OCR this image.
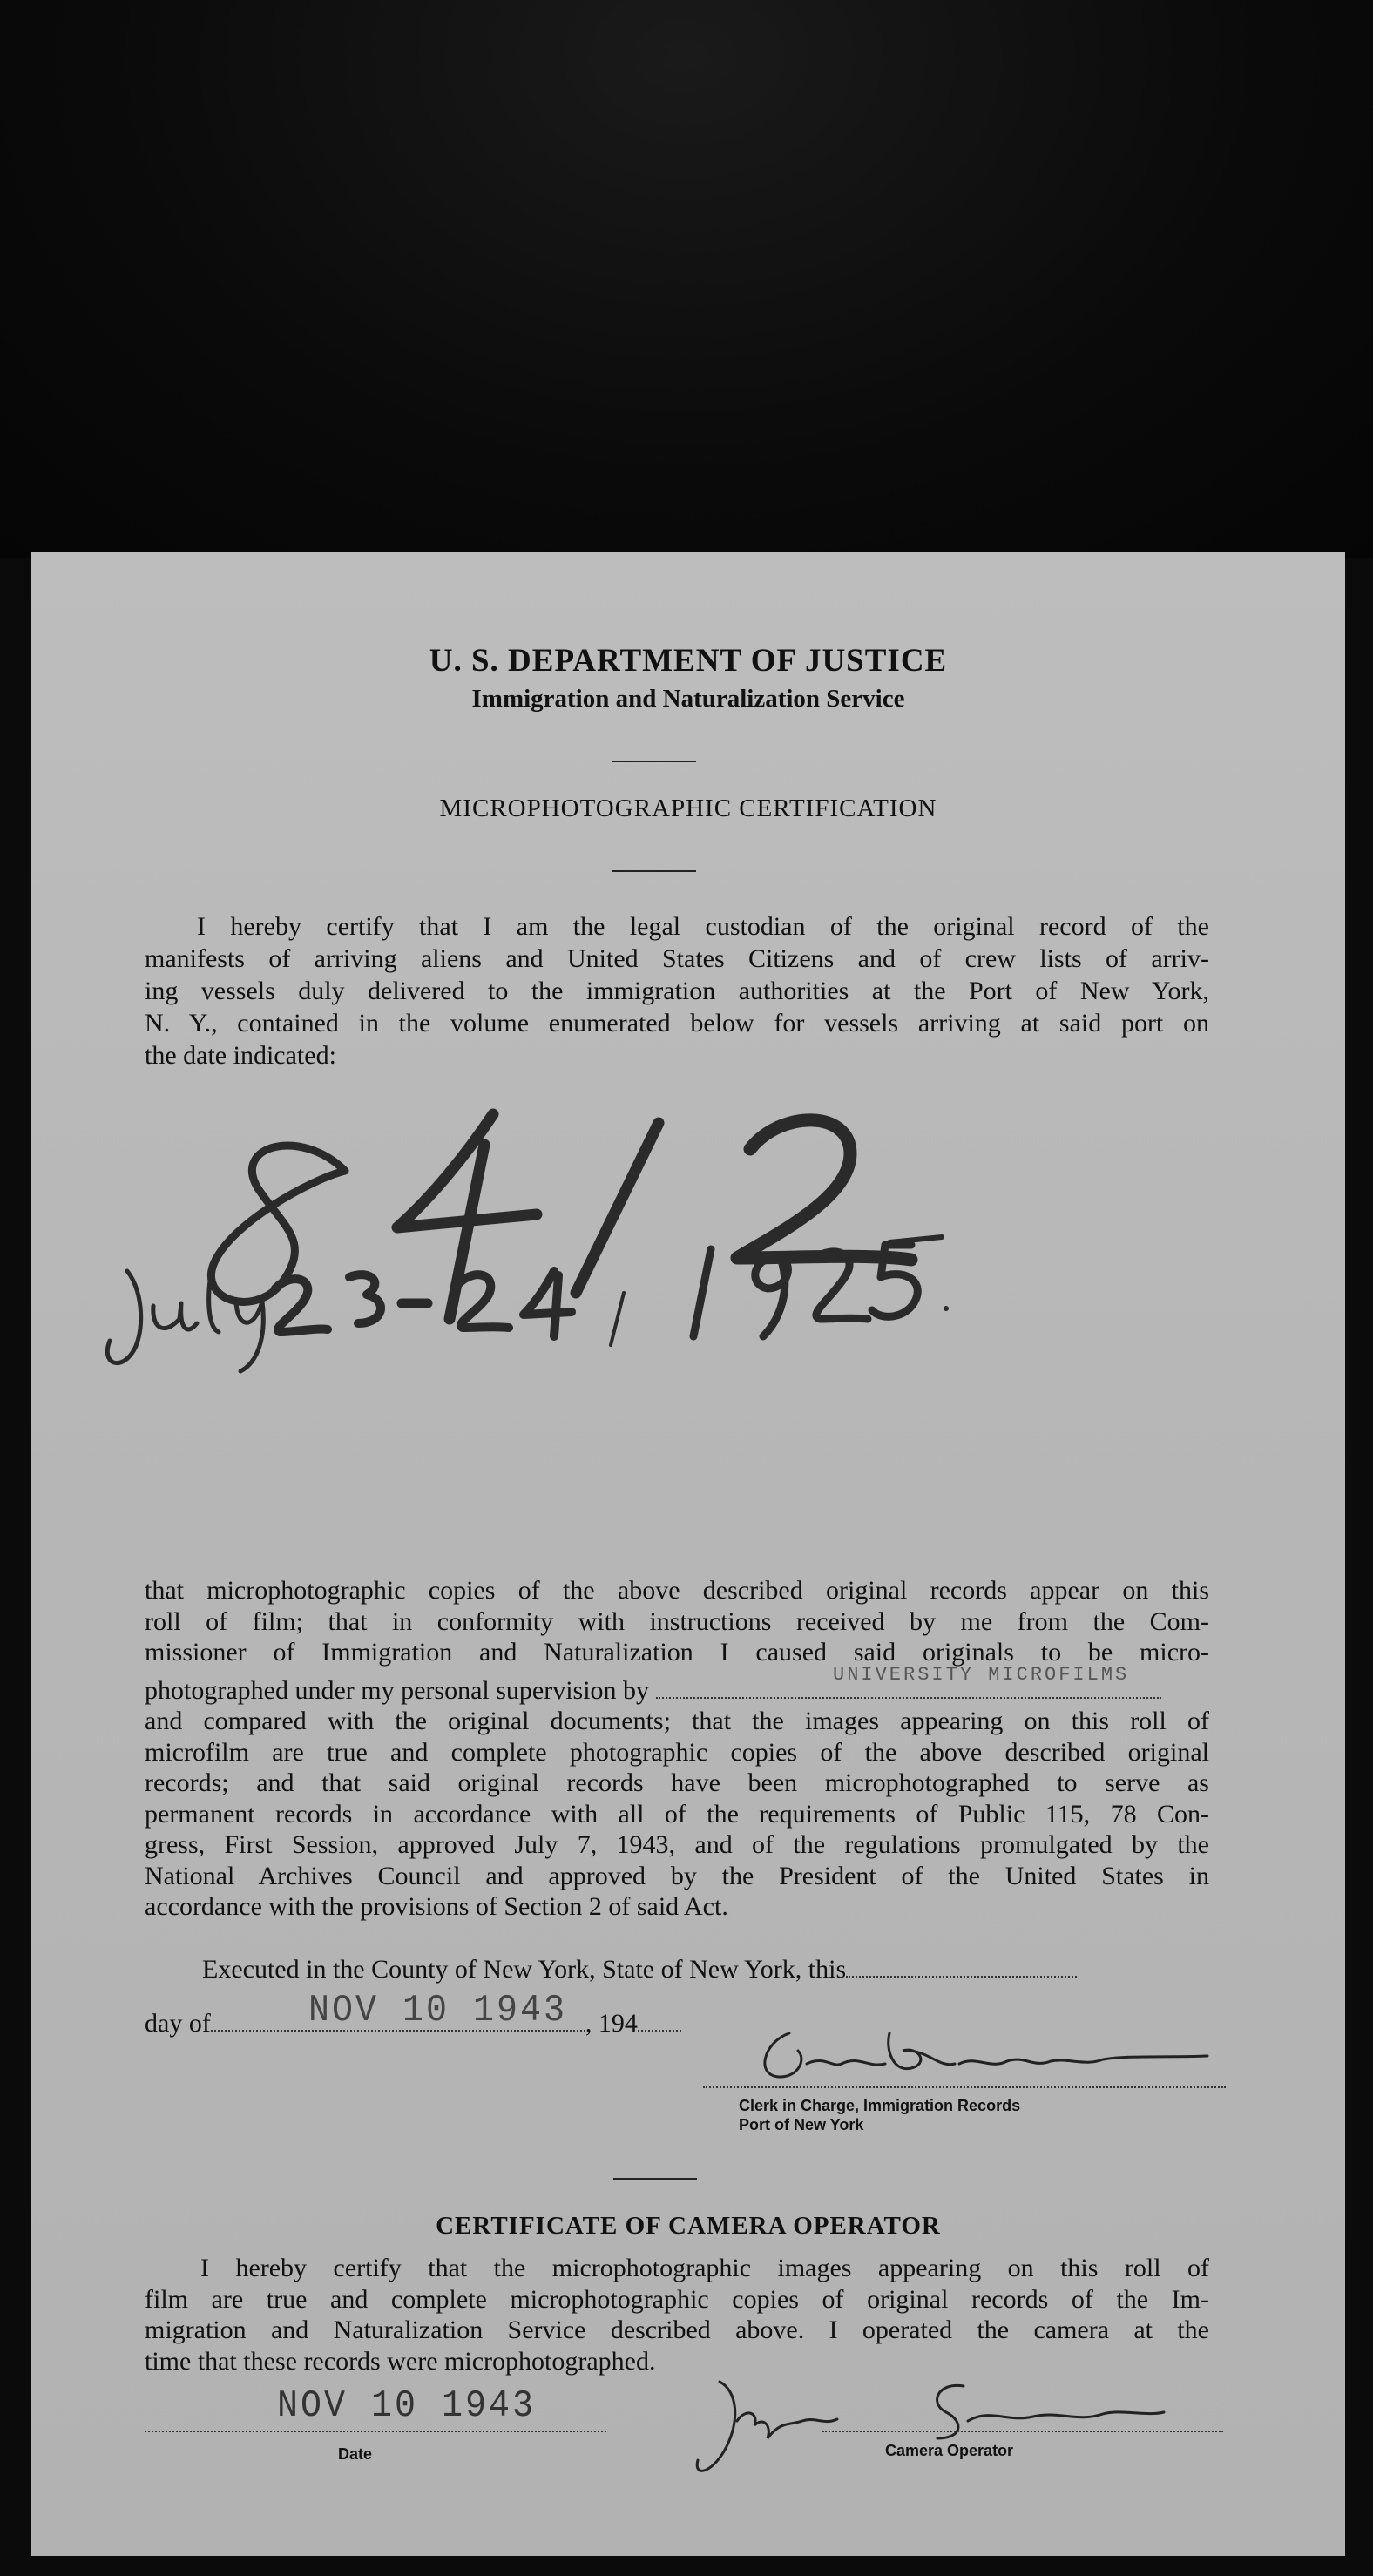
U. S. DEPARTMENT OF JUSTICE
Immigration and Naturalization Service
MICROPHOTOGRAPHIC CERTIFICATION
I hereby certify that I am the legal custodian of the original record of the
manifests of arriving aliens and United States Citizens and of crew lists of arriv-
ing vessels duly delivered to the immigration authorities at the Port of New York,
N. Y., contained in the volume enumerated below for vessels arriving at said port on
the date indicated:
that microphotographic copies of the above described original records appear on this
roll of film; that in conformity with instructions received by me from the Com-
missioner of Immigration and Naturalization I caused said originals to be micro-
photographed under my personal supervision by
UNIVERSITY MICROFILMS
and compared with the original documents; that the images appearing on this roll of
microfilm are true and complete photographic copies of the above described original
records; and that said original records have been microphotographed to serve as
permanent records in accordance with all of the requirements of Public 115, 78 Con-
gress, First Session, approved July 7, 1943, and of the regulations promulgated by the
National Archives Council and approved by the President of the United States in
accordance with the provisions of Section 2 of said Act.
Executed in the County of New York, State of New York, this
day of	, 194
NOV 10 1943
Clerk in Charge, Immigration Records
Port of New York
CERTIFICATE OF CAMERA OPERATOR
I hereby certify that the microphotographic images appearing on this roll of
film are true and complete microphotographic copies of original records of the Im-
migration and Naturalization Service described above. I operated the camera at the
time that these records were microphotographed.
NOV 10 1943
Date	Camera Operator
